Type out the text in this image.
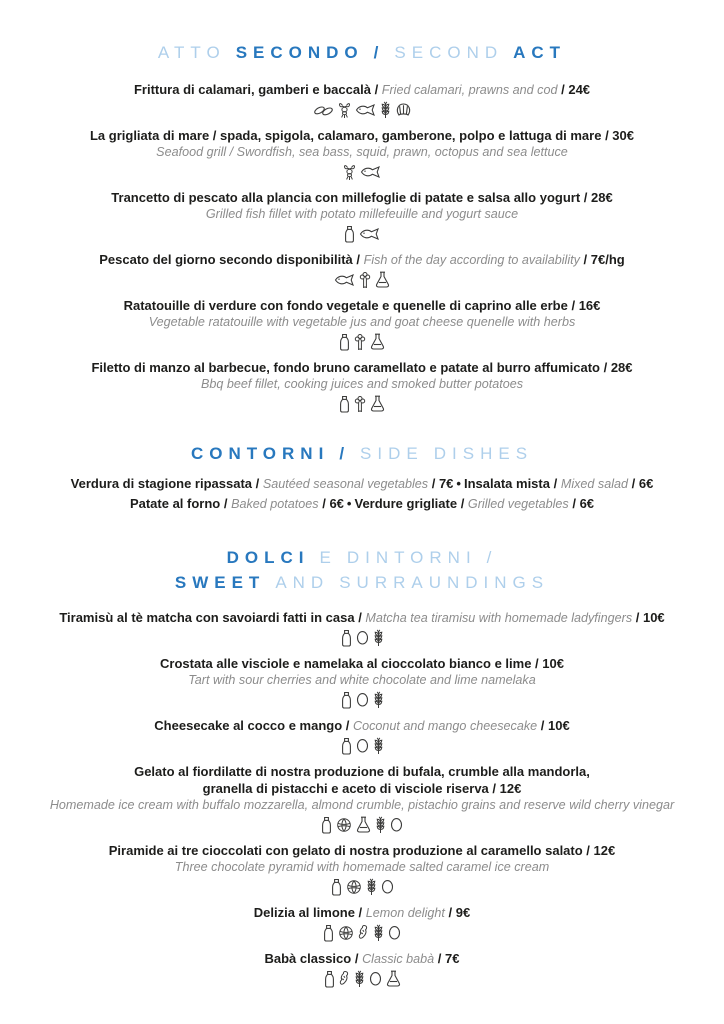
ATTO SECONDO / SECOND ACT
Frittura di calamari, gamberi e baccalà / Fried calamari, prawns and cod / 24€
La grigliata di mare / spada, spigola, calamaro, gamberone, polpo e lattuga di mare / 30€
Seafood grill / Swordfish, sea bass, squid, prawn, octopus and sea lettuce
Trancetto di pescato alla plancia con millefoglie di patate e salsa allo yogurt / 28€
Grilled fish fillet with potato millefeuille and yogurt sauce
Pescato del giorno secondo disponibilità / Fish of the day according to availability / 7€/hg
Ratatouille di verdure con fondo vegetale e quenelle di caprino alle erbe / 16€
Vegetable ratatouille with vegetable jus and goat cheese quenelle with herbs
Filetto di manzo al barbecue, fondo bruno caramellato e patate al burro affumicato / 28€
Bbq beef fillet, cooking juices and smoked butter potatoes
CONTORNI / SIDE DISHES
Verdura di stagione ripassata / Sautéed seasonal vegetables / 7€ • Insalata mista / Mixed salad / 6€
Patate al forno / Baked potatoes / 6€ • Verdure grigliate / Grilled vegetables / 6€
DOLCI E DINTORNI /
SWEET AND SURRAUNDINGS
Tiramisù al tè matcha con savoiardi fatti in casa / Matcha tea tiramisu with homemade ladyfingers / 10€
Crostata alle visciole e namelaka al cioccolato bianco e lime / 10€
Tart with sour cherries and white chocolate and lime namelaka
Cheesecake al cocco e mango / Coconut and mango cheesecake / 10€
Gelato al fiordilatte di nostra produzione di bufala, crumble alla mandorla,
granella di pistacchi e aceto di visciole riserva / 12€
Homemade ice cream with buffalo mozzarella, almond crumble, pistachio grains and reserve wild cherry vinegar
Piramide ai tre cioccolati con gelato di nostra produzione al caramello salato / 12€
Three chocolate pyramid with homemade salted caramel ice cream
Delizia al limone / Lemon delight / 9€
Babà classico / Classic babà / 7€
